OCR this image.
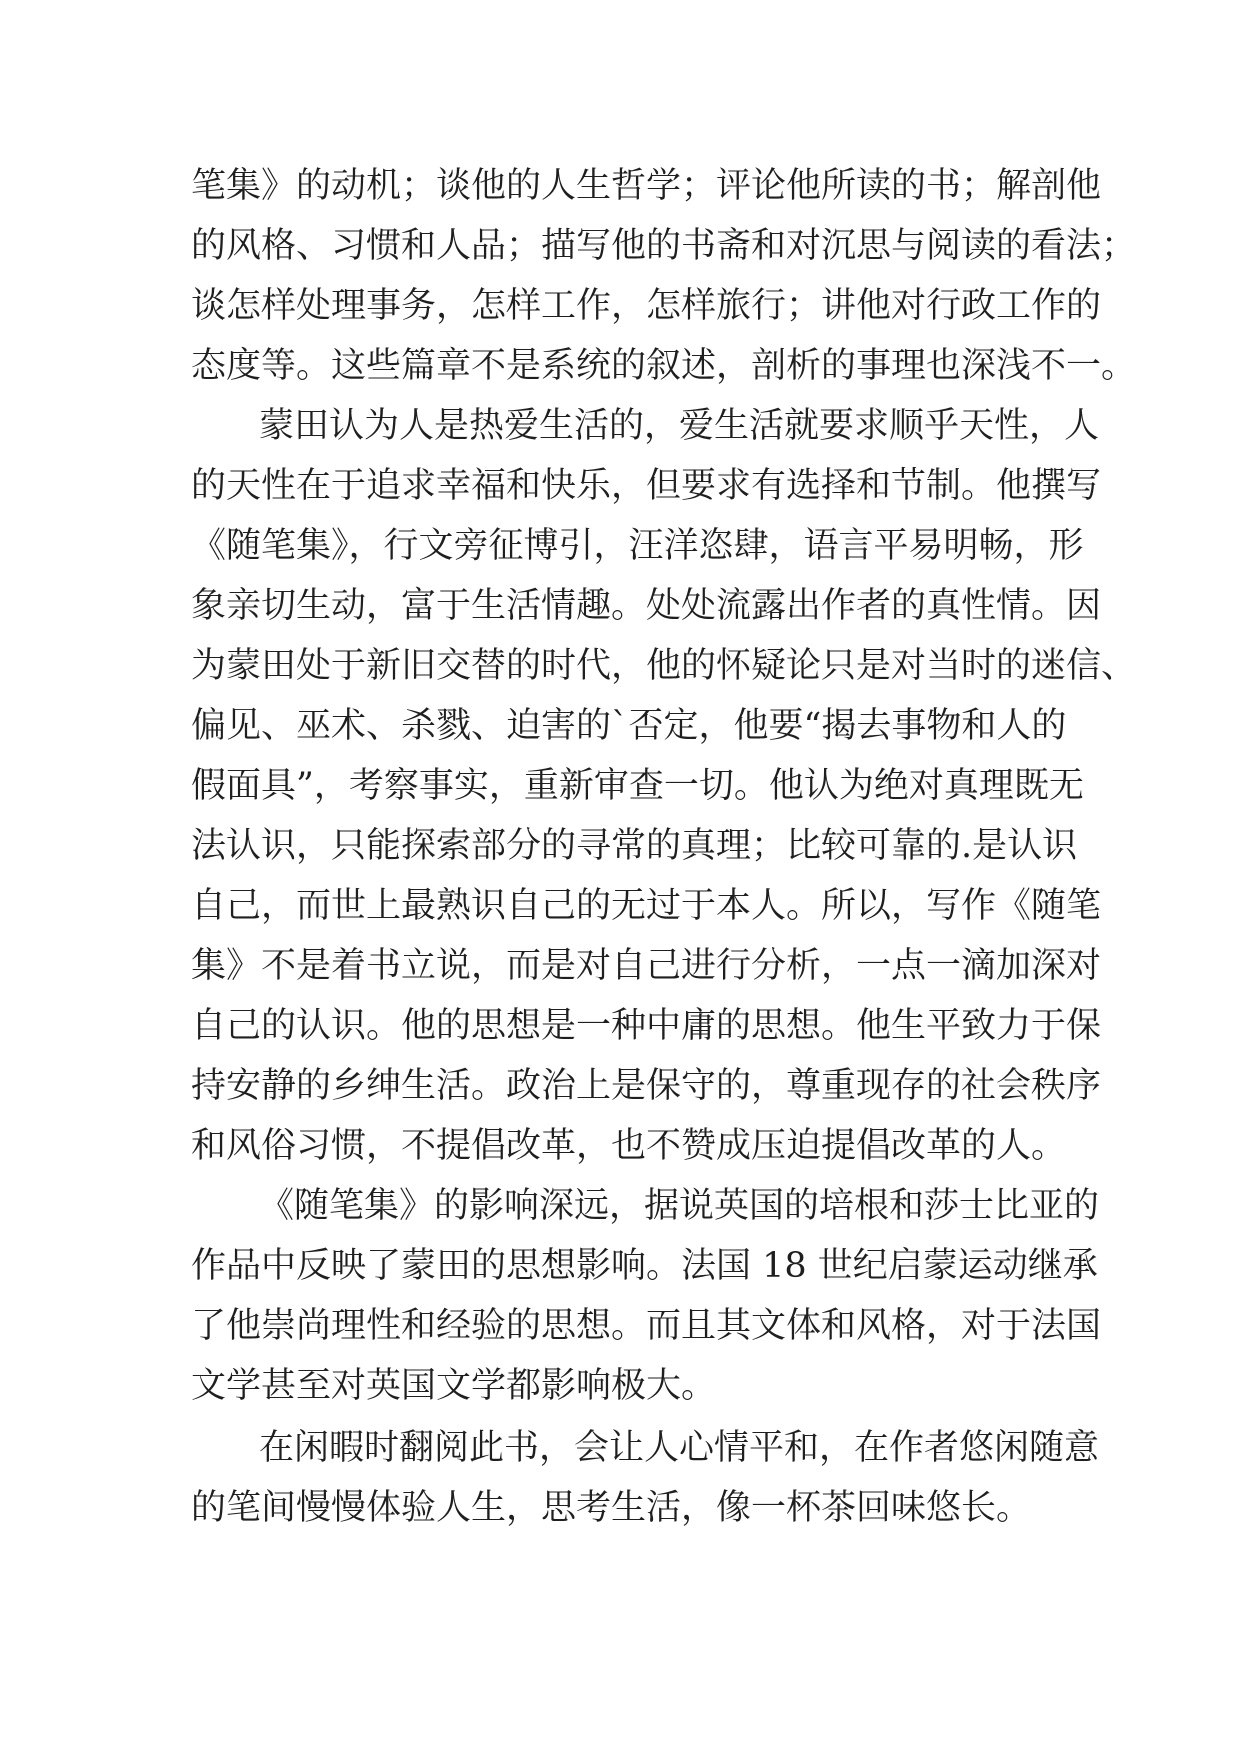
笔集》的动机；谈他的人生哲学；评论他所读的书；解剖他
的风格、习惯和人品；描写他的书斋和对沉思与阅读的看法；
谈怎样处理事务，怎样工作，怎样旅行；讲他对行政工作的
态度等。这些篇章不是系统的叙述，剖析的事理也深浅不一。
蒙田认为人是热爱生活的，爱生活就要求顺乎天性，人
的天性在于追求幸福和快乐，但要求有选择和节制。他撰写
《随笔集》，行文旁征博引，汪洋恣肆，语言平易明畅，形
象亲切生动，富于生活情趣。处处流露出作者的真性情。因
为蒙田处于新旧交替的时代，他的怀疑论只是对当时的迷信、
偏见、巫术、杀戮、迫害的`否定，他要“揭去事物和人的
假面具”，考察事实，重新审查一切。他认为绝对真理既无
法认识，只能探索部分的寻常的真理；比较可靠的.是认识
自己，而世上最熟识自己的无过于本人。所以，写作《随笔
集》不是着书立说，而是对自己进行分析，一点一滴加深对
自己的认识。他的思想是一种中庸的思想。他生平致力于保
持安静的乡绅生活。政治上是保守的，尊重现存的社会秩序
和风俗习惯，不提倡改革，也不赞成压迫提倡改革的人。
《随笔集》的影响深远，据说英国的培根和莎士比亚的
作品中反映了蒙田的思想影响。法国 18 世纪启蒙运动继承
了他崇尚理性和经验的思想。而且其文体和风格，对于法国
文学甚至对英国文学都影响极大。
在闲暇时翻阅此书，会让人心情平和，在作者悠闲随意
的笔间慢慢体验人生，思考生活，像一杯茶回味悠长。
